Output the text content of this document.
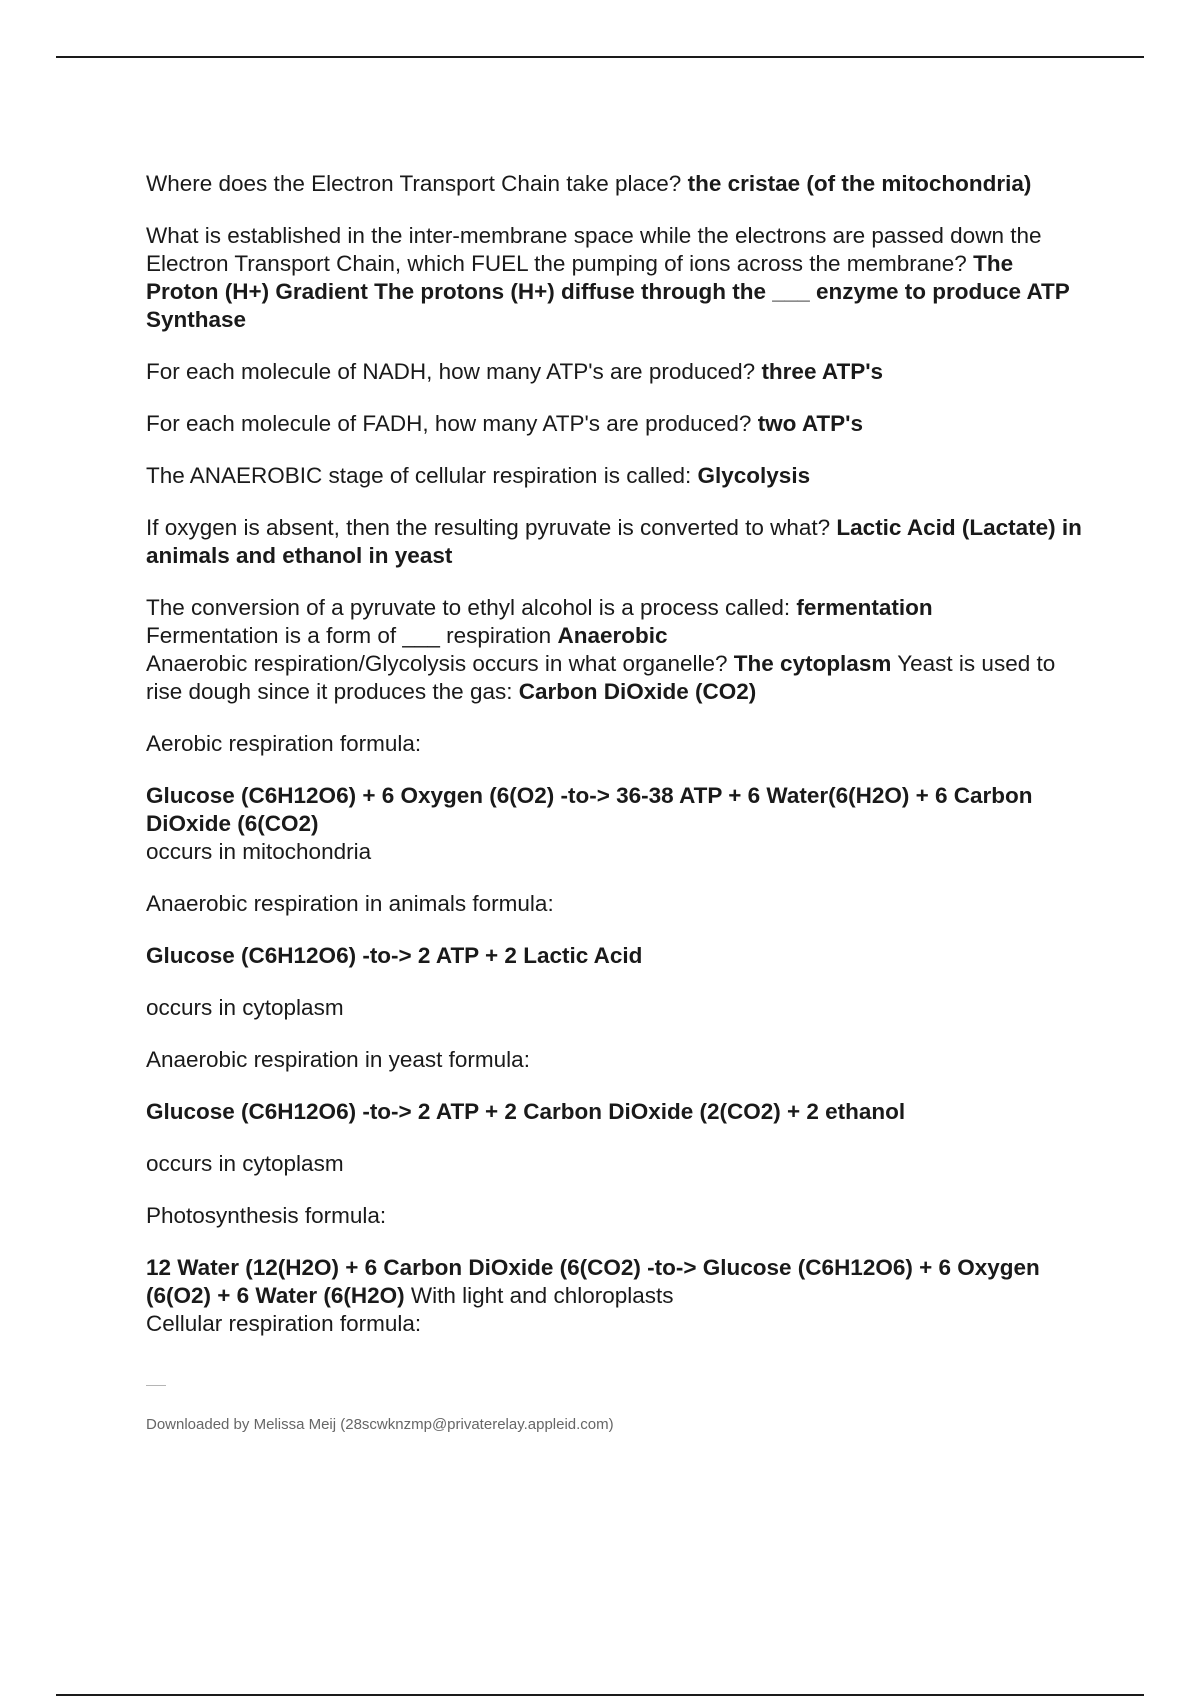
Where does the Electron Transport Chain take place? the cristae (of the mitochondria)

What is established in the inter-membrane space while the electrons are passed down the Electron Transport Chain, which FUEL the pumping of ions across the membrane? The Proton (H+) Gradient The protons (H+) diffuse through the ___ enzyme to produce ATP Synthase

For each molecule of NADH, how many ATP's are produced? three ATP's

For each molecule of FADH, how many ATP's are produced? two ATP's

The ANAEROBIC stage of cellular respiration is called: Glycolysis

If oxygen is absent, then the resulting pyruvate is converted to what? Lactic Acid (Lactate) in animals and ethanol in yeast

The conversion of a pyruvate to ethyl alcohol is a process called: fermentation
Fermentation is a form of ___ respiration Anaerobic
Anaerobic respiration/Glycolysis occurs in what organelle? The cytoplasm Yeast is used to rise dough since it produces the gas: Carbon DiOxide (CO2)

Aerobic respiration formula:

Glucose (C6H12O6) + 6 Oxygen (6(O2) -to-> 36-38 ATP + 6 Water(6(H2O) + 6 Carbon DiOxide (6(CO2)
occurs in mitochondria

Anaerobic respiration in animals formula:

Glucose (C6H12O6) -to-> 2 ATP + 2 Lactic Acid

occurs in cytoplasm

Anaerobic respiration in yeast formula:

Glucose (C6H12O6) -to-> 2 ATP + 2 Carbon DiOxide (2(CO2) + 2 ethanol

occurs in cytoplasm

Photosynthesis formula:

12 Water (12(H2O) + 6 Carbon DiOxide (6(CO2) -to-> Glucose (C6H12O6) + 6 Oxygen (6(O2) + 6 Water (6(H2O) With light and chloroplasts
Cellular respiration formula:
Downloaded by Melissa Meij (28scwknzmp@privaterelay.appleid.com)
